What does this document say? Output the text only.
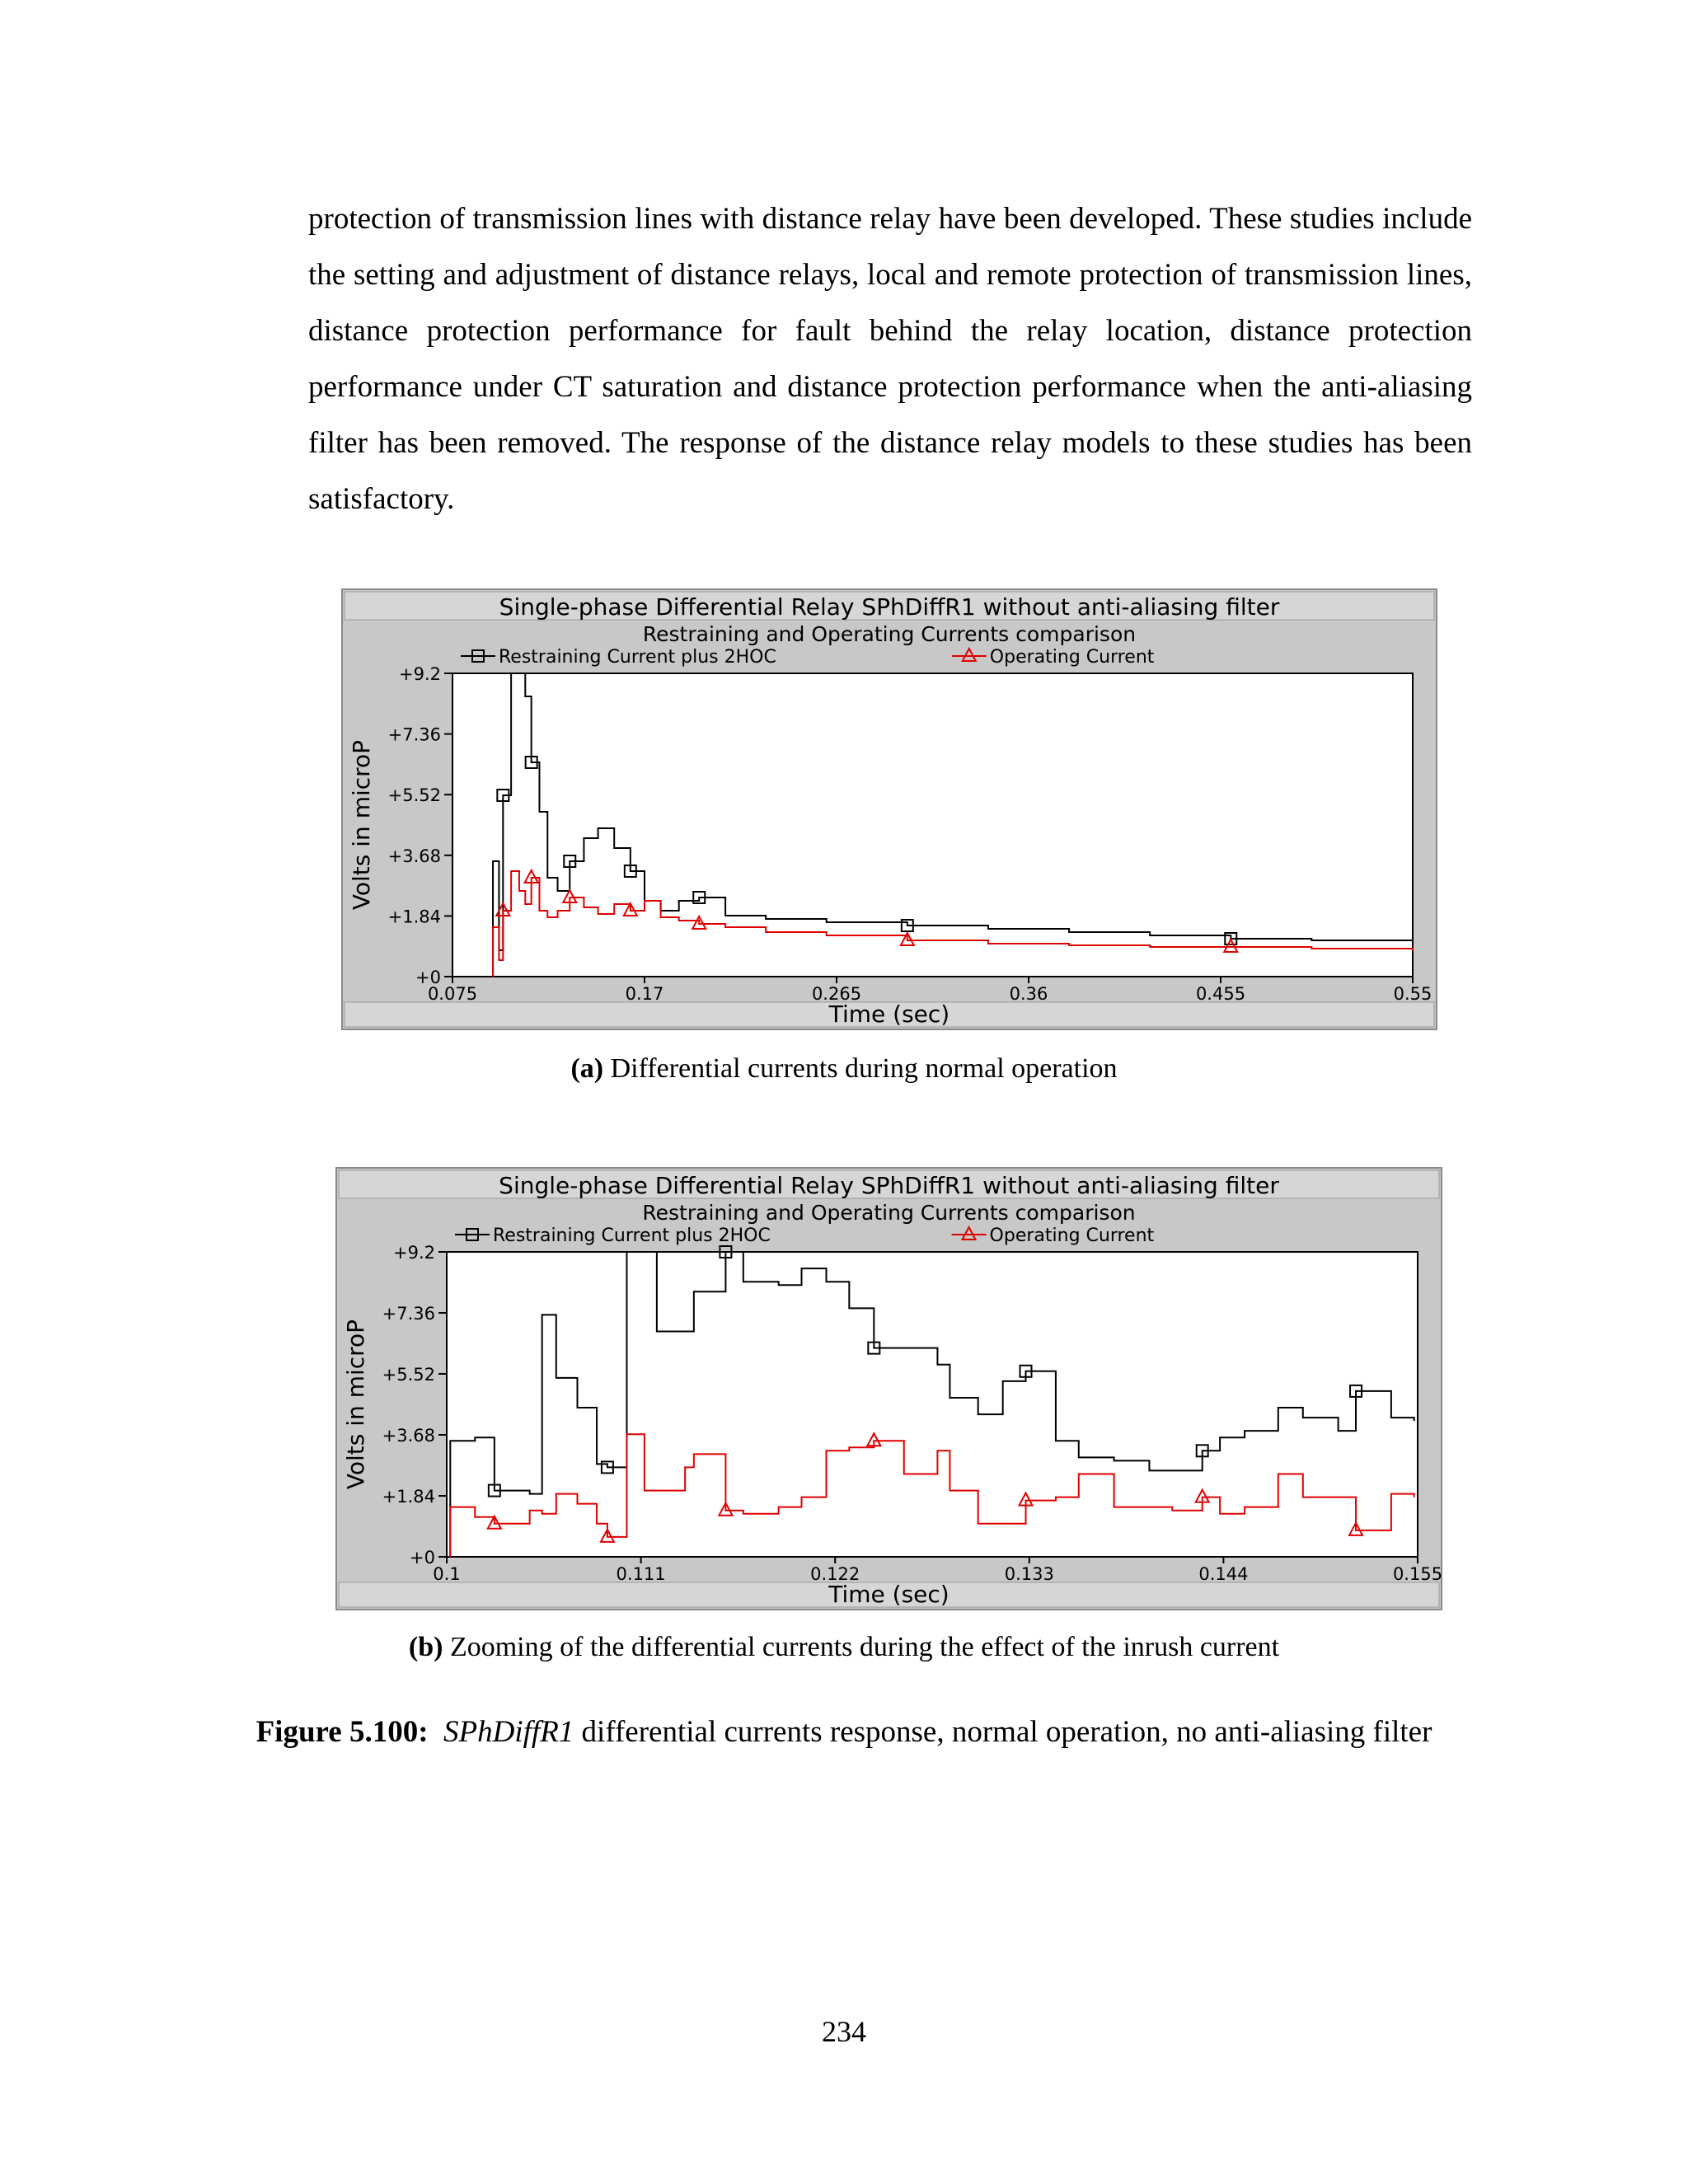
protection of transmission lines with distance relay have been developed. These studies include the setting and adjustment of distance relays, local and remote protection of transmission lines, distance protection performance for fault behind the relay location, distance protection performance under CT saturation and distance protection performance when the anti-aliasing filter has been removed. The response of the distance relay models to these studies has been satisfactory.

Single-phase Differential Relay SPhDiffR1 without anti-aliasing filter
Restraining and Operating Currents comparison
Time (sec)
Volts in microP
+0
+1.84
+3.68
+5.52
+7.36
+9.2
0.075	0.17	0.265	0.36	0.455	0.55
Restraining Current plus 2HOC	Operating Current
(a) Differential currents during normal operation
Single-phase Differential Relay SPhDiffR1 without anti-aliasing filter
Restraining and Operating Currents comparison
Time (sec)
Volts in microP
+0
+1.84
+3.68
+5.52
+7.36
+9.2
0.1	0.111	0.122	0.133	0.144	0.155
Restraining Current plus 2HOC	Operating Current
(b) Zooming of the differential currents during the effect of the inrush current
Figure 5.100: SPhDiffR1 differential currents response, normal operation, no anti-aliasing filter
234
